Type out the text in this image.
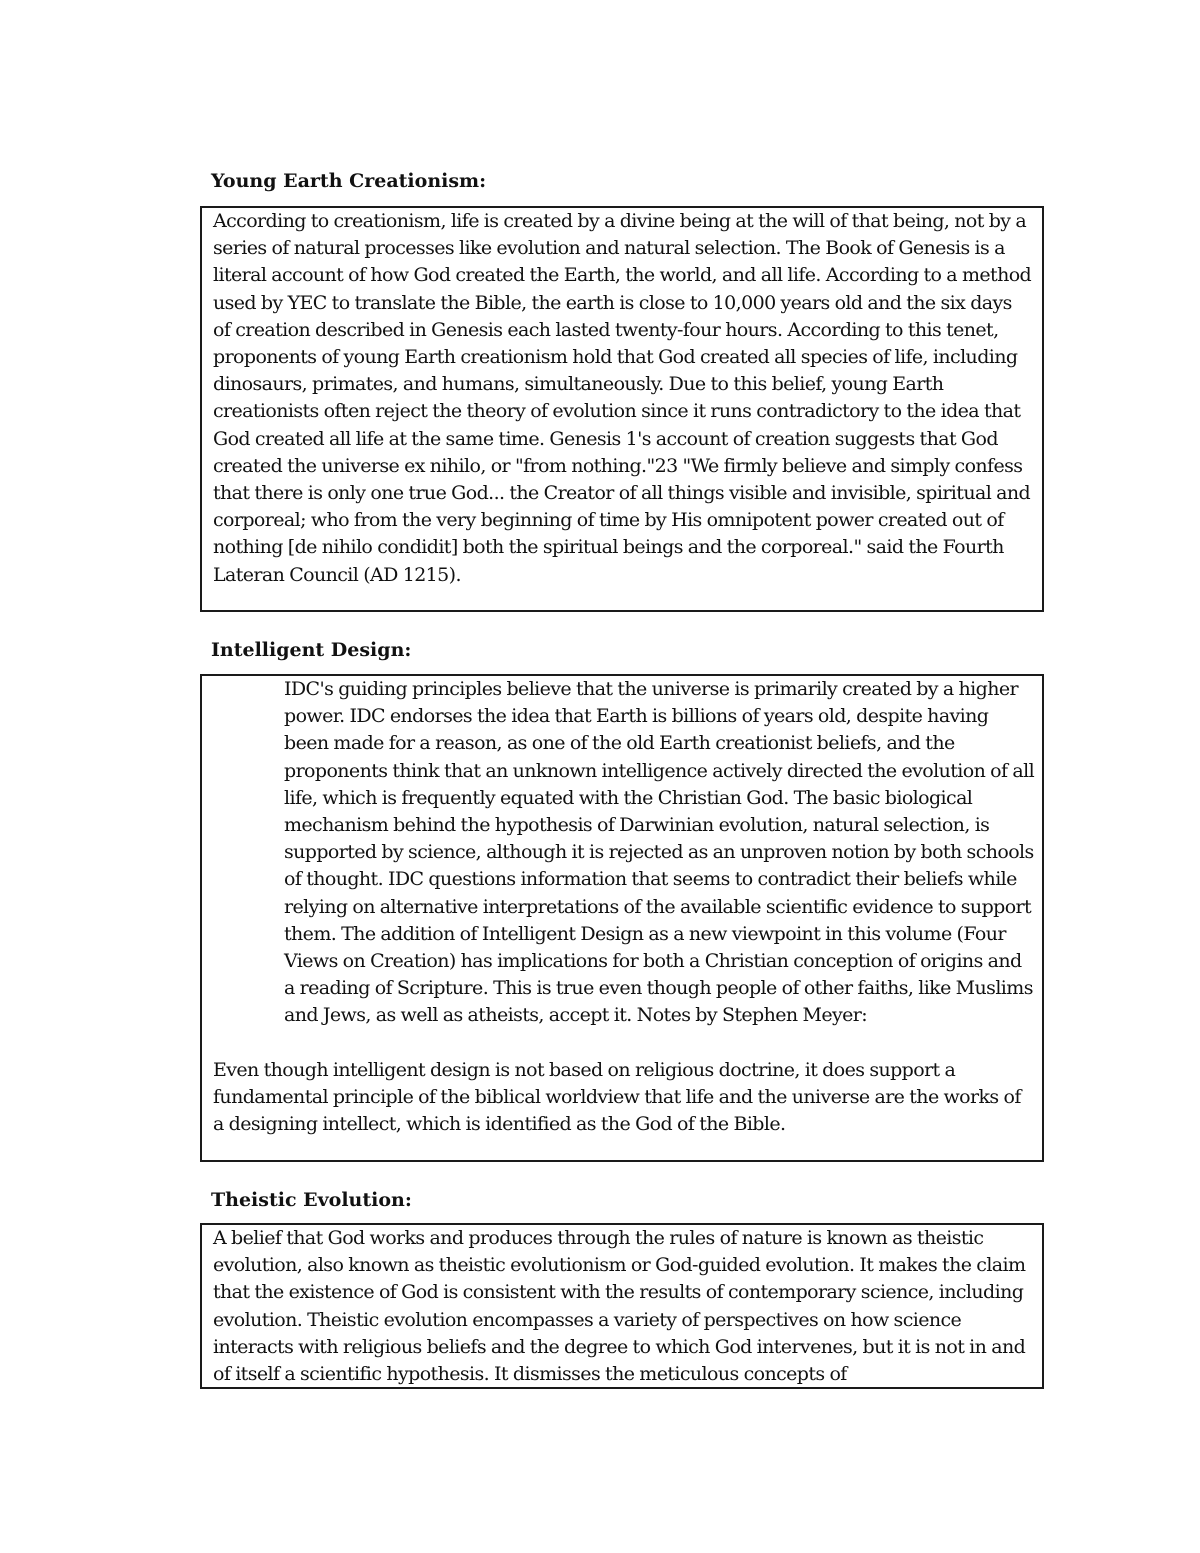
Young Earth Creationism:

According to creationism, life is created by a divine being at the will of that being, not by a series of natural processes like evolution and natural selection. The Book of Genesis is a literal account of how God created the Earth, the world, and all life. According to a method used by YEC to translate the Bible, the earth is close to 10,000 years old and the six days of creation described in Genesis each lasted twenty-four hours. According to this tenet, proponents of young Earth creationism hold that God created all species of life, including dinosaurs, primates, and humans, simultaneously. Due to this belief, young Earth creationists often reject the theory of evolution since it runs contradictory to the idea that God created all life at the same time. Genesis 1's account of creation suggests that God created the universe ex nihilo, or "from nothing."23 "We firmly believe and simply confess that there is only one true God... the Creator of all things visible and invisible, spiritual and corporeal; who from the very beginning of time by His omnipotent power created out of nothing [de nihilo condidit] both the spiritual beings and the corporeal." said the Fourth Lateran Council (AD 1215).

Intelligent Design:

IDC's guiding principles believe that the universe is primarily created by a higher power. IDC endorses the idea that Earth is billions of years old, despite having been made for a reason, as one of the old Earth creationist beliefs, and the proponents think that an unknown intelligence actively directed the evolution of all life, which is frequently equated with the Christian God. The basic biological mechanism behind the hypothesis of Darwinian evolution, natural selection, is supported by science, although it is rejected as an unproven notion by both schools of thought. IDC questions information that seems to contradict their beliefs while relying on alternative interpretations of the available scientific evidence to support them. The addition of Intelligent Design as a new viewpoint in this volume (Four Views on Creation) has implications for both a Christian conception of origins and a reading of Scripture. This is true even though people of other faiths, like Muslims and Jews, as well as atheists, accept it. Notes by Stephen Meyer:

Even though intelligent design is not based on religious doctrine, it does support a fundamental principle of the biblical worldview that life and the universe are the works of a designing intellect, which is identified as the God of the Bible.

Theistic Evolution:

A belief that God works and produces through the rules of nature is known as theistic evolution, also known as theistic evolutionism or God-guided evolution. It makes the claim that the existence of God is consistent with the results of contemporary science, including evolution. Theistic evolution encompasses a variety of perspectives on how science interacts with religious beliefs and the degree to which God intervenes, but it is not in and of itself a scientific hypothesis. It dismisses the meticulous concepts of
